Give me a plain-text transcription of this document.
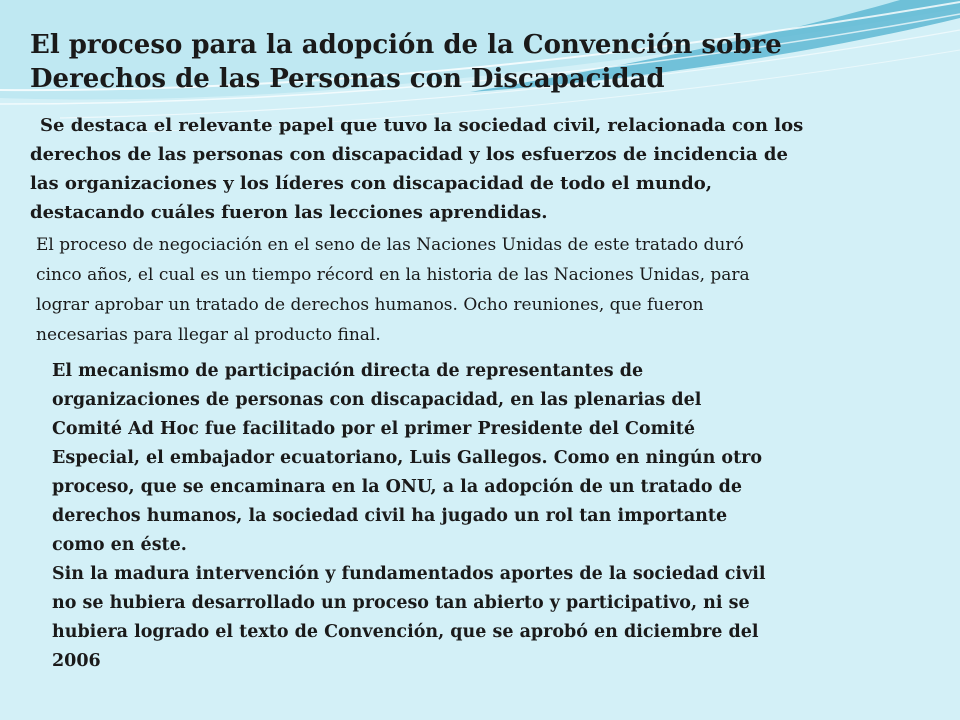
El proceso para la adopción de la Convención sobre
Derechos de las Personas con Discapacidad
Se destaca el relevante papel que tuvo la sociedad civil, relacionada con los
derechos de las personas con discapacidad y los esfuerzos de incidencia de
las organizaciones y los líderes con discapacidad de todo el mundo,
destacando cuáles fueron las lecciones aprendidas.
El proceso de negociación en el seno de las Naciones Unidas de este tratado duró
cinco años, el cual es un tiempo récord en la historia de las Naciones Unidas, para
lograr aprobar un tratado de derechos humanos. Ocho reuniones, que fueron
necesarias para llegar al producto final.
El mecanismo de participación directa de representantes de
organizaciones de personas con discapacidad, en las plenarias del
Comité Ad Hoc fue facilitado por el primer Presidente del Comité
Especial, el embajador ecuatoriano, Luis Gallegos. Como en ningún otro
proceso, que se encaminara en la ONU, a la adopción de un tratado de
derechos humanos, la sociedad civil ha jugado un rol tan importante
como en éste.
Sin la madura intervención y fundamentados aportes de la sociedad civil
no se hubiera desarrollado un proceso tan abierto y participativo, ni se
hubiera logrado el texto de Convención, que se aprobó en diciembre del
2006
